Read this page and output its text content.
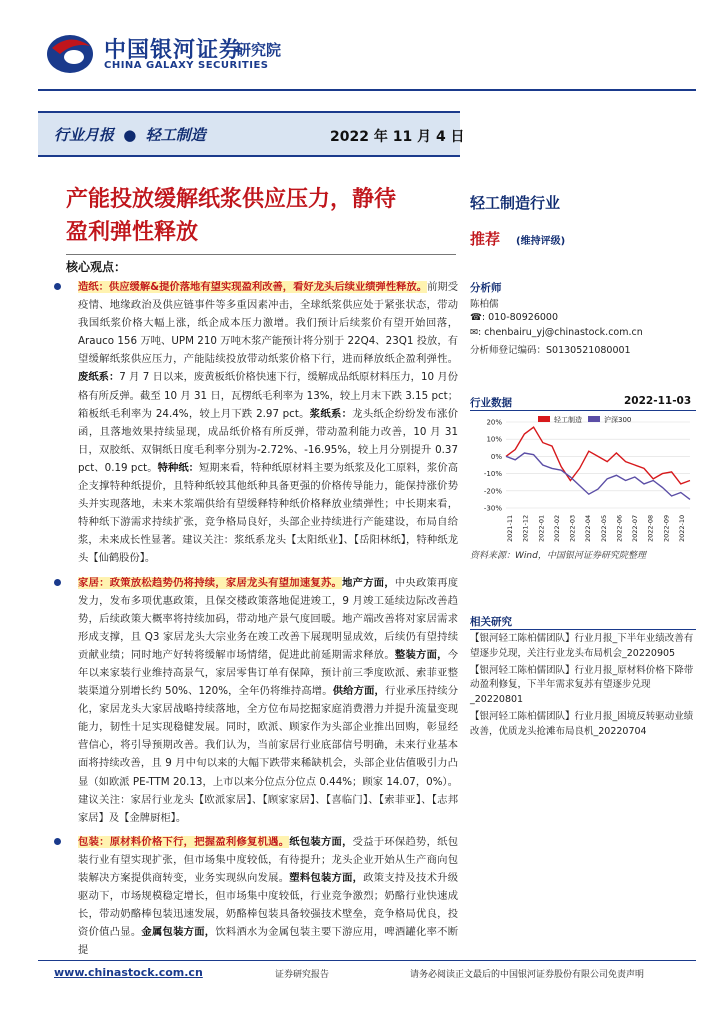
中国银河证券
研究院
CHINA GALAXY SECURITIES
行业月报 ● 轻工制造	2022 年 11 月 4 日
产能投放缓解纸浆供应压力，静待
盈利弹性释放
核心观点：

造纸：供应缓解&提价落地有望实现盈利改善，看好龙头后续业绩弹性释放。前期受疫情、地缘政治及供应链事件等多重因素冲击，全球纸浆供应处于紧张状态，带动我国纸浆价格大幅上涨，纸企成本压力激增。我们预计后续浆价有望开始回落，Arauco 156 万吨、UPM 210 万吨木浆产能预计将分别于 22Q4、23Q1 投放，有望缓解纸浆供应压力，产能陆续投放带动纸浆价格下行，进而释放纸企盈利弹性。废纸系：7 月 7 日以来，废黄板纸价格快速下行，缓解成品纸原材料压力，10 月份格有所反弹。截至 10 月 31 日，瓦楞纸毛利率为 13%，较上月末下跌 3.15 pct；箱板纸毛利率为 24.4%，较上月下跌 2.97 pct。浆纸系：龙头纸企纷纷发布涨价函，且落地效果持续显现，成品纸价格有所反弹，带动盈利能力改善，10 月 31 日，双胶纸、双铜纸日度毛利率分别为-2.72%、-16.95%，较上月分别提升 0.37 pct、0.19 pct。特种纸：短期来看，特种纸原材料主要为纸浆及化工原料，浆价高企支撑特种纸提价，且特种纸较其他纸种具备更强的价格传导能力，能保持涨价势头并实现落地，未来木浆端供给有望缓释特种纸价格释放业绩弹性；中长期来看，特种纸下游需求持续扩张，竞争格局良好，头部企业持续进行产能建设，布局自给浆，未来成长性显著。建议关注：浆纸系龙头【太阳纸业】、【岳阳林纸】，特种纸龙头【仙鹤股份】。

家居：政策放松趋势仍将持续，家居龙头有望加速复苏。地产方面，中央政策再度发力，发布多项优惠政策，且保交楼政策落地促进竣工，9 月竣工延续边际改善趋势，后续政策大概率将持续加码，带动地产景气度回暖。地产端改善将对家居需求形成支撑，且 Q3 家居龙头大宗业务在竣工改善下展现明显成效，后续仍有望持续贡献业绩；同时地产好转将缓解市场情绪，促进此前延期需求释放。整装方面，今年以来家装行业维持高景气，家居零售订单有保障，预计前三季度欧派、索菲亚整装渠道分别增长约 50%、120%，全年仍将维持高增。供给方面，行业承压持续分化，家居龙头大家居战略持续落地，全方位布局挖掘家庭消费潜力并提升流量变现能力，韧性十足实现稳健发展。同时，欧派、顾家作为头部企业推出回购，彰显经营信心，将引导预期改善。我们认为，当前家居行业底部信号明确，未来行业基本面将持续改善，且 9 月中旬以来的大幅下跌带来稀缺机会，头部企业估值吸引力凸显（如欧派 PE-TTM 20.13，上市以来分位点分位点 0.44%；顾家 14.07，0%）。建议关注：家居行业龙头【欧派家居】、【顾家家居】、【喜临门】、【索菲亚】、【志邦家居】及【金牌厨柜】。

包装：原材料价格下行，把握盈利修复机遇。纸包装方面，受益于环保趋势，纸包装行业有望实现扩张，但市场集中度较低，有待提升；龙头企业开始从生产商向包装解决方案提供商转变，业务实现纵向发展。塑料包装方面，政策支持及技术升级驱动下，市场规模稳定增长，但市场集中度较低，行业竞争激烈；奶酪行业快速成长，带动奶酪棒包装迅速发展，奶酪棒包装具备较强技术壁垒，竞争格局优良，投资价值凸显。金属包装方面，饮料酒水为金属包装主要下游应用，啤酒罐化率不断提

轻工制造行业
推荐 (维持评级)
分析师
陈柏儒
☎: 010-80926000
✉: chenbairu_yj@chinastock.com.cn
分析师登记编码：S0130521080001
行业数据	2022-11-03
20%
10%
0%
-10%
-20%
-30%
2021-11 2021-12 2022-01 2022-02 2022-03 2022-04 2022-05 2022-06 2022-07 2022-08 2022-09 2022-10
轻工制造	沪深300
资料来源：Wind，中国银河证券研究院整理
相关研究

【银河轻工陈柏儒团队】行业月报_下半年业绩改善有望逐步兑现，关注行业龙头布局机会_20220905

【银河轻工陈柏儒团队】行业月报_原材料价格下降带动盈利修复，下半年需求复苏有望逐步兑现_20220801

【银河轻工陈柏儒团队】行业月报_困境反转驱动业绩改善，优质龙头抢滩布局良机_20220704

www.chinastock.com.cn	证券研究报告	请务必阅读正文最后的中国银河证券股份有限公司免责声明
